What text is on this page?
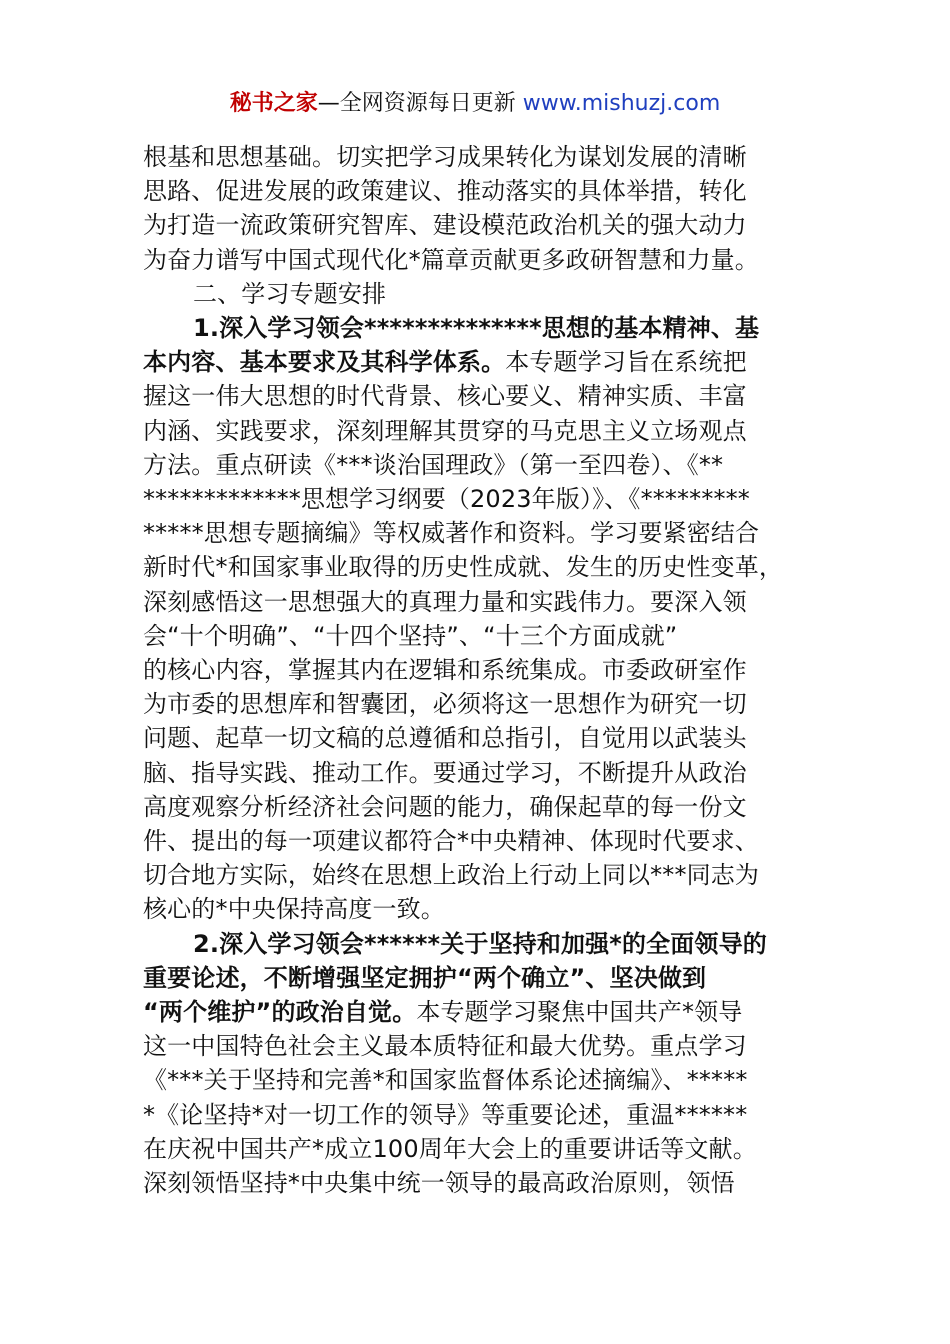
秘书之家—全网资源每日更新 www.mishuzj.com

根基和思想基础。切实把学习成果转化为谋划发展的清晰

思路、促进发展的政策建议、推动落实的具体举措，转化

为打造一流政策研究智库、建设模范政治机关的强大动力

为奋力谱写中国式现代化*篇章贡献更多政研智慧和力量。

二、学习专题安排

1.深入学习领会**************思想的基本精神、基

本内容、基本要求及其科学体系。本专题学习旨在系统把

握这一伟大思想的时代背景、核心要义、精神实质、丰富

内涵、实践要求，深刻理解其贯穿的马克思主义立场观点

方法。重点研读《***谈治国理政》（第一至四卷）、《**

*************思想学习纲要（2023年版）》、《*********

*****思想专题摘编》等权威著作和资料。学习要紧密结合

新时代*和国家事业取得的历史性成就、发生的历史性变革，

深刻感悟这一思想强大的真理力量和实践伟力。要深入领

会“十个明确”、“十四个坚持”、“十三个方面成就”

的核心内容，掌握其内在逻辑和系统集成。市委政研室作

为市委的思想库和智囊团，必须将这一思想作为研究一切

问题、起草一切文稿的总遵循和总指引，自觉用以武装头

脑、指导实践、推动工作。要通过学习，不断提升从政治

高度观察分析经济社会问题的能力，确保起草的每一份文

件、提出的每一项建议都符合*中央精神、体现时代要求、

切合地方实际，始终在思想上政治上行动上同以***同志为

核心的*中央保持高度一致。

2.深入学习领会******关于坚持和加强*的全面领导的

重要论述，不断增强坚定拥护“两个确立”、坚决做到

“两个维护”的政治自觉。本专题学习聚焦中国共产*领导

这一中国特色社会主义最本质特征和最大优势。重点学习

《***关于坚持和完善*和国家监督体系论述摘编》、*****

*《论坚持*对一切工作的领导》等重要论述，重温******

在庆祝中国共产*成立100周年大会上的重要讲话等文献。

深刻领悟坚持*中央集中统一领导的最高政治原则，领悟
